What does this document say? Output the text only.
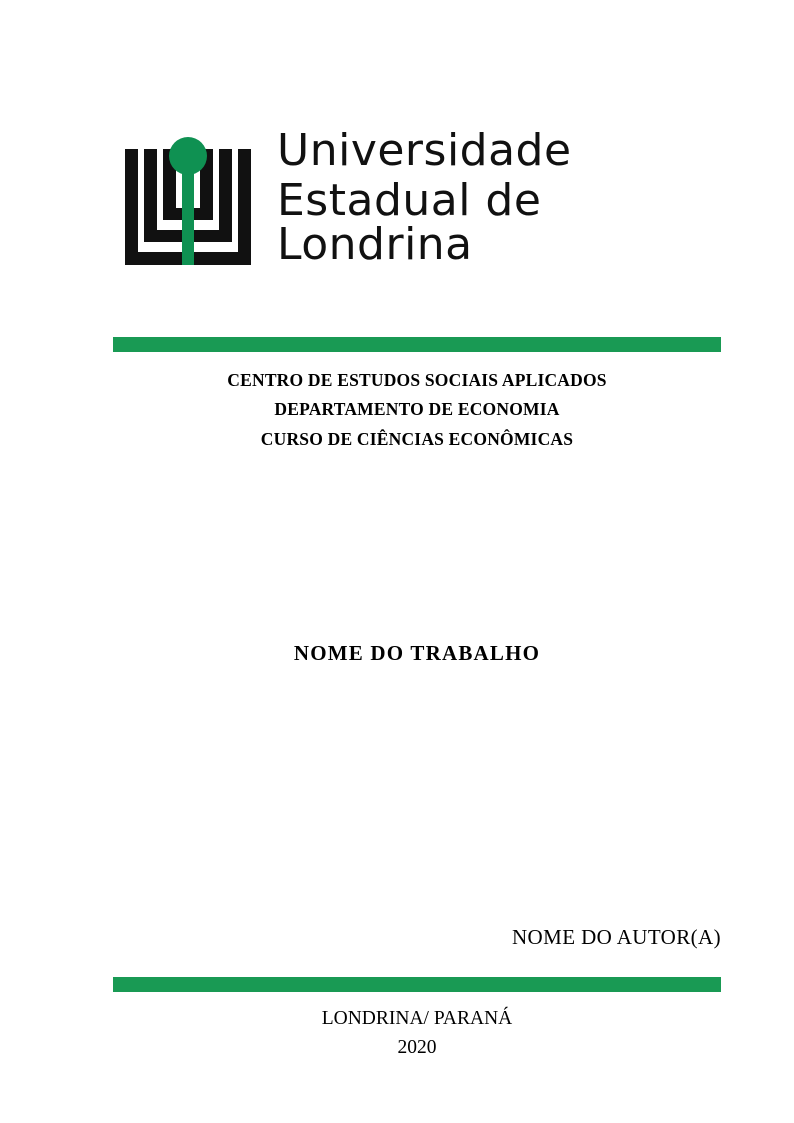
Universidade
Estadual de Londrina
CENTRO DE ESTUDOS SOCIAIS APLICADOS
DEPARTAMENTO DE ECONOMIA
CURSO DE CIÊNCIAS ECONÔMICAS
NOME DO TRABALHO
NOME DO AUTOR(A)
LONDRINA/ PARANÁ
2020
